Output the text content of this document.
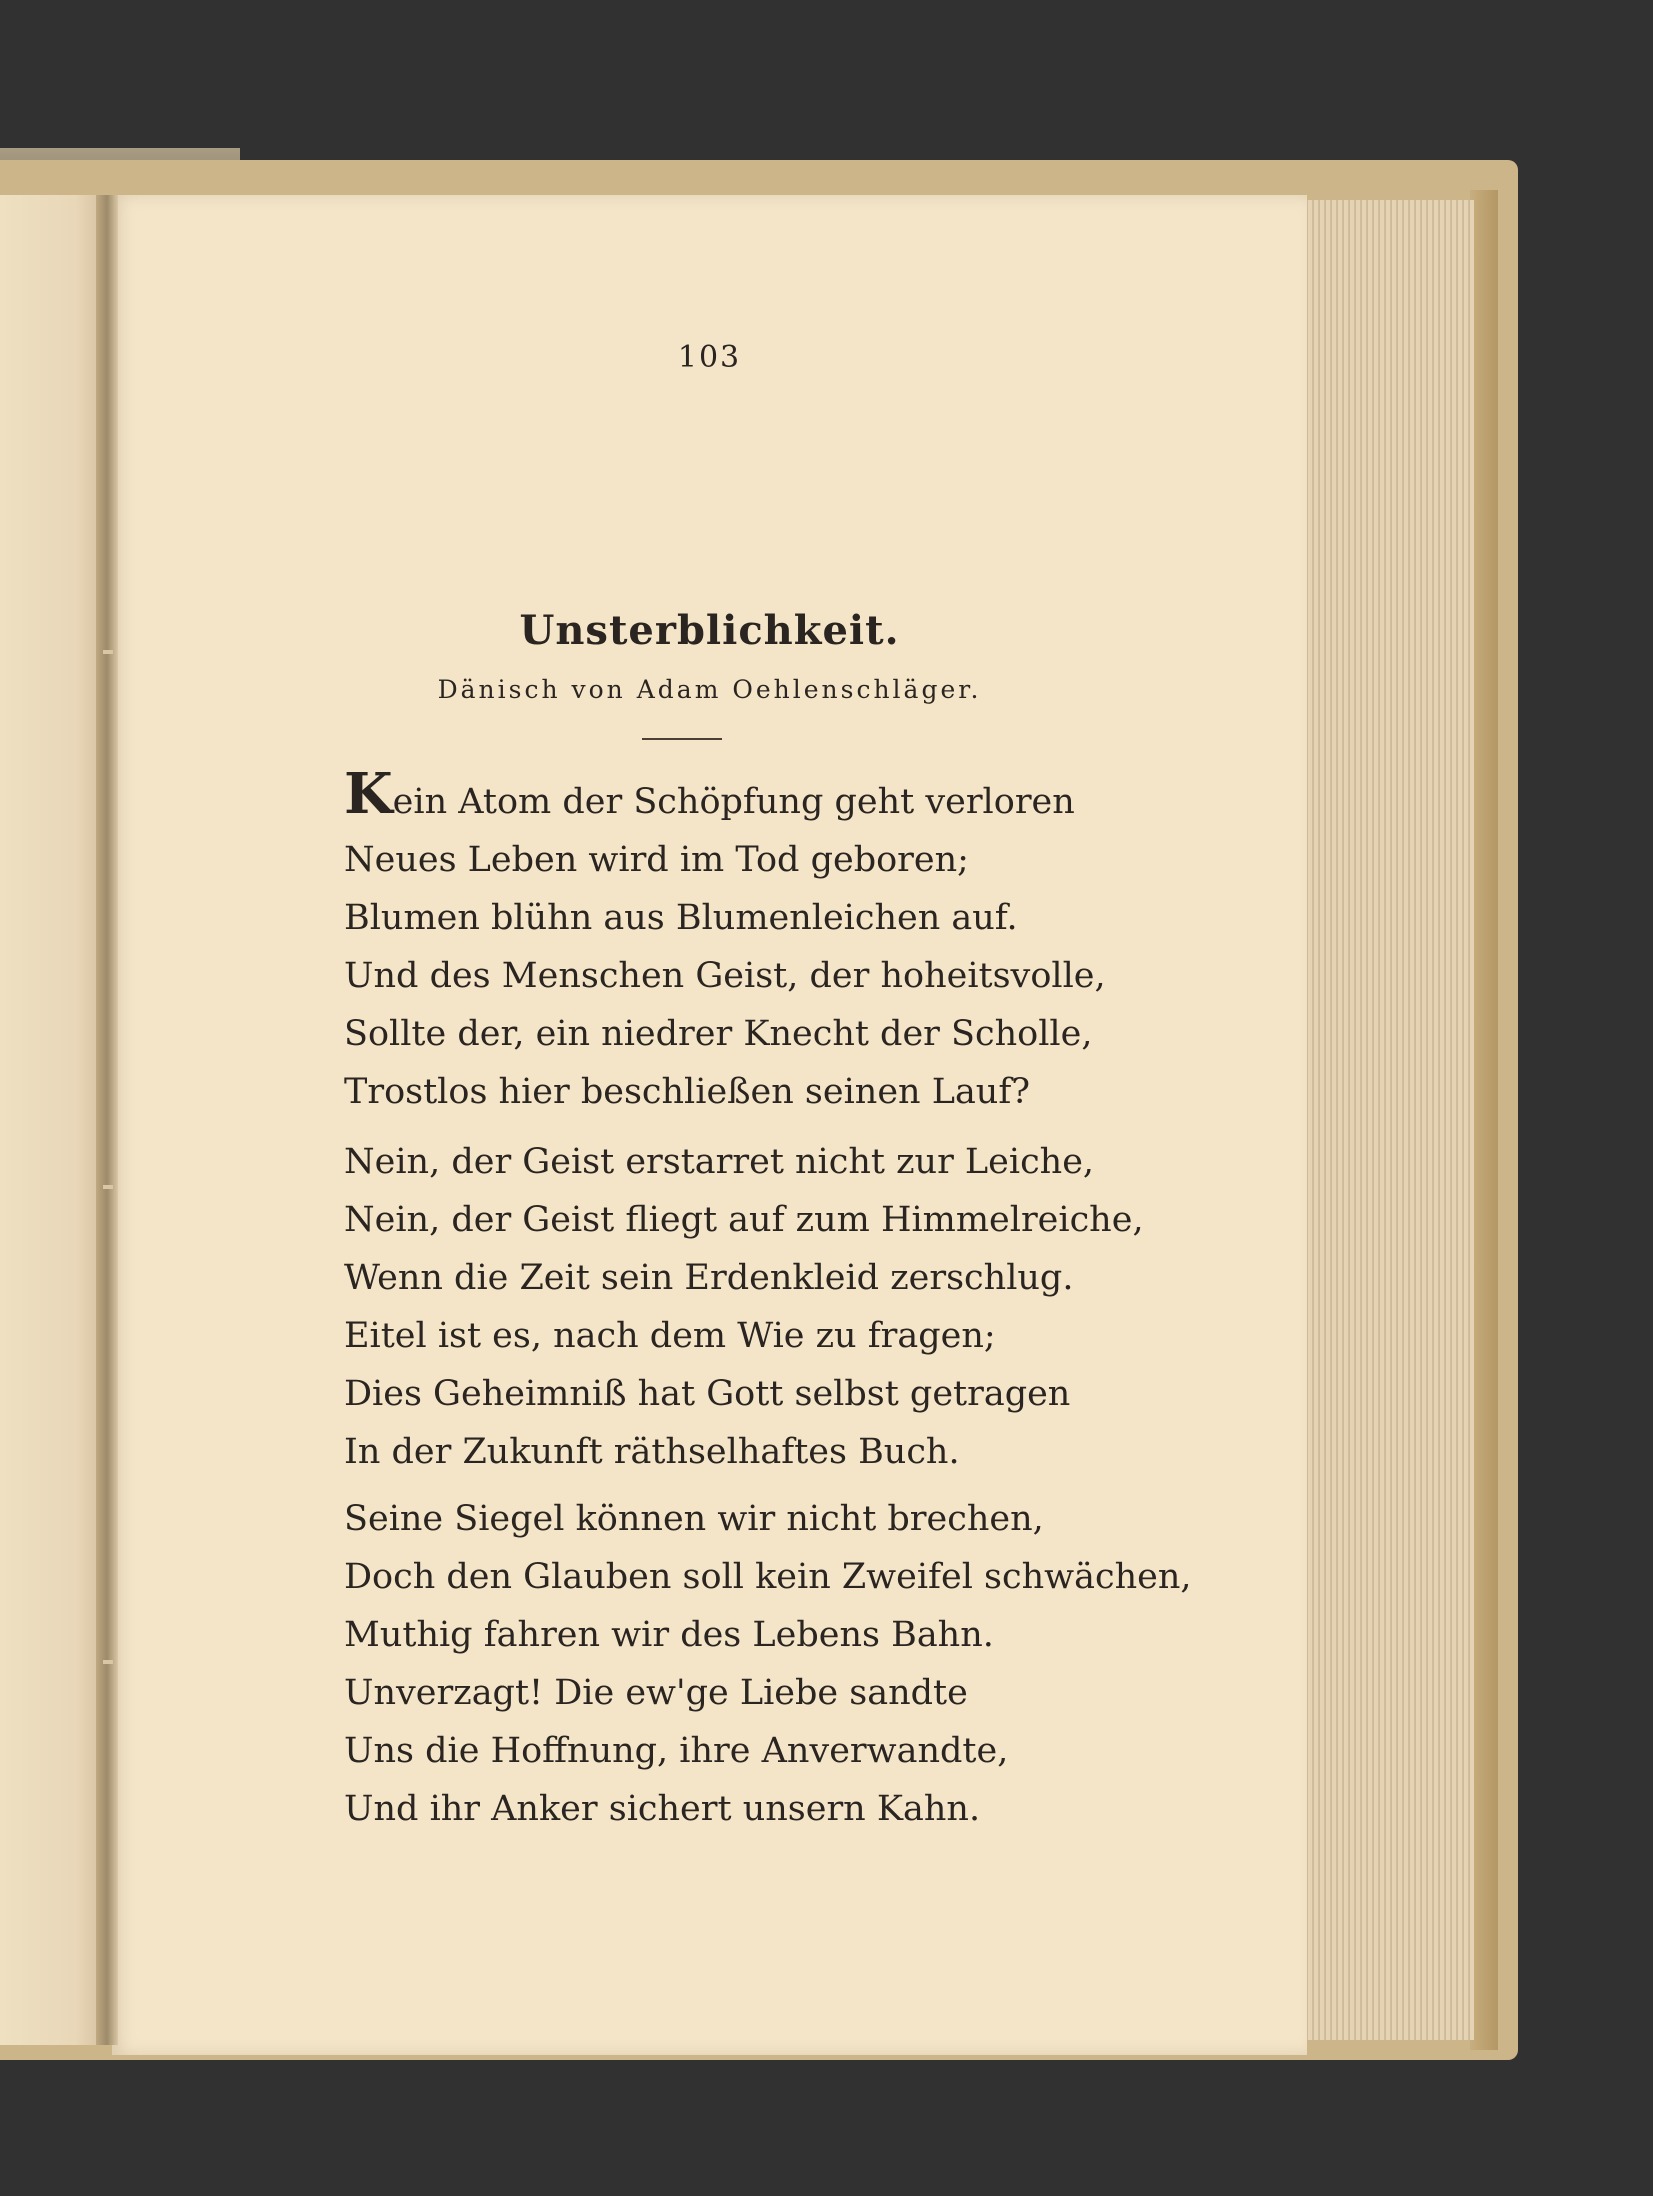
103
Unsterblichkeit.
Dänisch von Adam Oehlenschläger.
Kein Atom der Schöpfung geht verloren
Neues Leben wird im Tod geboren;
Blumen blühn aus Blumenleichen auf.
Und des Menschen Geist, der hoheitsvolle,
Sollte der, ein niedrer Knecht der Scholle,
Trostlos hier beschließen seinen Lauf?
Nein, der Geist erstarret nicht zur Leiche,
Nein, der Geist fliegt auf zum Himmelreiche,
Wenn die Zeit sein Erdenkleid zerschlug.
Eitel ist es, nach dem Wie zu fragen;
Dies Geheimniß hat Gott selbst getragen
In der Zukunft räthselhaftes Buch.
Seine Siegel können wir nicht brechen,
Doch den Glauben soll kein Zweifel schwächen,
Muthig fahren wir des Lebens Bahn.
Unverzagt! Die ew'ge Liebe sandte
Uns die Hoffnung, ihre Anverwandte,
Und ihr Anker sichert unsern Kahn.
